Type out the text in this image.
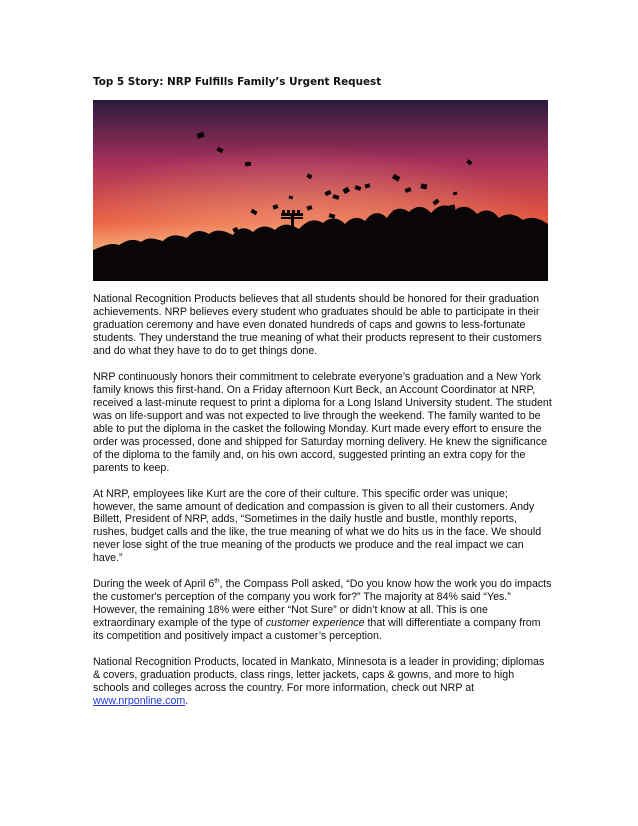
Top 5 Story: NRP Fulfills Family’s Urgent Request

National Recognition Products believes that all students should be honored for their graduation
achievements. NRP believes every student who graduates should be able to participate in their
graduation ceremony and have even donated hundreds of caps and gowns to less-fortunate
students. They understand the true meaning of what their products represent to their customers
and do what they have to do to get things done.

NRP continuously honors their commitment to celebrate everyone’s graduation and a New York
family knows this first-hand. On a Friday afternoon Kurt Beck, an Account Coordinator at NRP,
received a last-minute request to print a diploma for a Long Island University student. The student
was on life-support and was not expected to live through the weekend. The family wanted to be
able to put the diploma in the casket the following Monday. Kurt made every effort to ensure the
order was processed, done and shipped for Saturday morning delivery. He knew the significance
of the diploma to the family and, on his own accord, suggested printing an extra copy for the
parents to keep.

At NRP, employees like Kurt are the core of their culture. This specific order was unique;
however, the same amount of dedication and compassion is given to all their customers. Andy
Billett, President of NRP, adds, “Sometimes in the daily hustle and bustle, monthly reports,
rushes, budget calls and the like, the true meaning of what we do hits us in the face. We should
never lose sight of the true meaning of the products we produce and the real impact we can
have.”

During the week of April 6th, the Compass Poll asked, “Do you know how the work you do impacts
the customer's perception of the company you work for?” The majority at 84% said “Yes.”
However, the remaining 18% were either “Not Sure” or didn’t know at all. This is one
extraordinary example of the type of customer experience that will differentiate a company from
its competition and positively impact a customer’s perception.

National Recognition Products, located in Mankato, Minnesota is a leader in providing; diplomas
& covers, graduation products, class rings, letter jackets, caps & gowns, and more to high
schools and colleges across the country. For more information, check out NRP at
www.nrponline.com.
